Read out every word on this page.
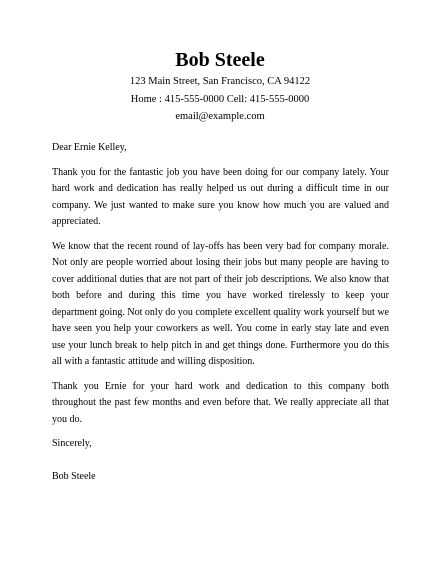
Bob Steele
123 Main Street, San Francisco, CA 94122
Home : 415-555-0000 Cell: 415-555-0000
email@example.com

Dear Ernie Kelley,

Thank you for the fantastic job you have been doing for our company lately. Your hard work and dedication has really helped us out during a difficult time in our company. We just wanted to make sure you know how much you are valued and appreciated.

We know that the recent round of lay-offs has been very bad for company morale. Not only are people worried about losing their jobs but many people are having to cover additional duties that are not part of their job descriptions. We also know that both before and during this time you have worked tirelessly to keep your department going. Not only do you complete excellent quality work yourself but we have seen you help your coworkers as well. You come in early stay late and even use your lunch break to help pitch in and get things done. Furthermore you do this all with a fantastic attitude and willing disposition.

Thank you Ernie for your hard work and dedication to this company both throughout the past few months and even before that. We really appreciate all that you do.

Sincerely,

Bob Steele
